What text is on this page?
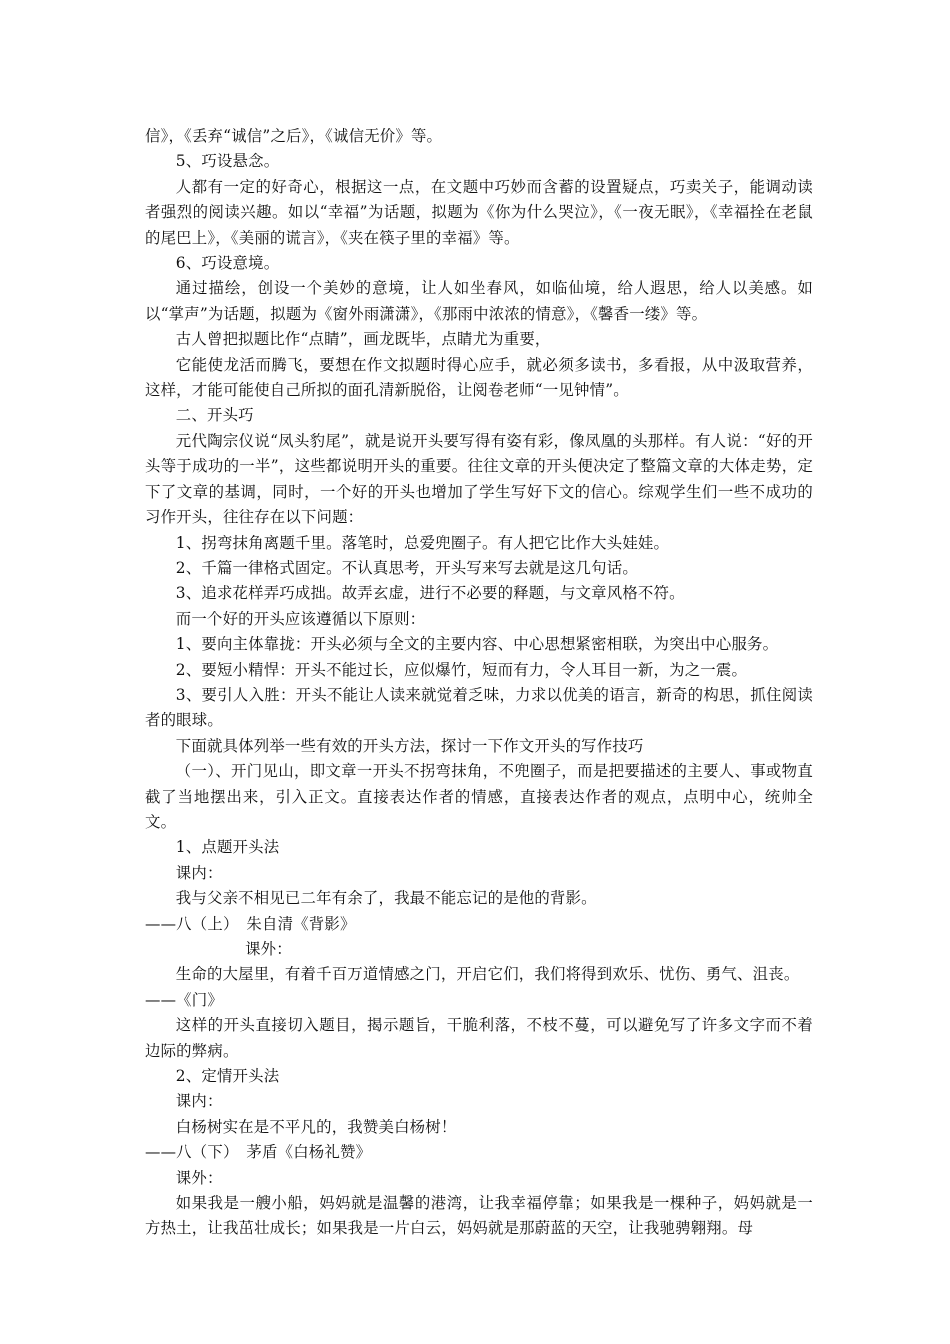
信》，《丢弃“诚信”之后》，《诚信无价》等。

5、巧设悬念。

人都有一定的好奇心，根据这一点，在文题中巧妙而含蓄的设置疑点，巧卖关子，能调动读者强烈的阅读兴趣。如以“幸福”为话题，拟题为《你为什么哭泣》，《一夜无眠》，《幸福拴在老鼠的尾巴上》，《美丽的谎言》，《夹在筷子里的幸福》等。

6、巧设意境。

通过描绘，创设一个美妙的意境，让人如坐春风，如临仙境，给人遐思，给人以美感。如以“掌声”为话题，拟题为《窗外雨潇潇》，《那雨中浓浓的情意》，《馨香一缕》等。

古人曾把拟题比作“点睛”，画龙既毕，点睛尤为重要，

它能使龙活而腾飞，要想在作文拟题时得心应手，就必须多读书，多看报，从中汲取营养，这样，才能可能使自己所拟的面孔清新脱俗，让阅卷老师“一见钟情”。

二、开头巧

元代陶宗仪说“凤头豹尾”，就是说开头要写得有姿有彩，像凤凰的头那样。有人说：“好的开头等于成功的一半”，这些都说明开头的重要。往往文章的开头便决定了整篇文章的大体走势，定下了文章的基调，同时，一个好的开头也增加了学生写好下文的信心。综观学生们一些不成功的习作开头，往往存在以下问题：

1、拐弯抹角离题千里。落笔时，总爱兜圈子。有人把它比作大头娃娃。

2、千篇一律格式固定。不认真思考，开头写来写去就是这几句话。

3、追求花样弄巧成拙。故弄玄虚，进行不必要的释题，与文章风格不符。

而一个好的开头应该遵循以下原则：

1、要向主体靠拢：开头必须与全文的主要内容、中心思想紧密相联，为突出中心服务。

2、要短小精悍：开头不能过长，应似爆竹，短而有力，令人耳目一新，为之一震。

3、要引人入胜：开头不能让人读来就觉着乏味，力求以优美的语言，新奇的构思，抓住阅读者的眼球。

下面就具体列举一些有效的开头方法，探讨一下作文开头的写作技巧

（一）、开门见山，即文章一开头不拐弯抹角，不兜圈子，而是把要描述的主要人、事或物直截了当地摆出来，引入正文。直接表达作者的情感，直接表达作者的观点，点明中心，统帅全文。

1、点题开头法

课内：

我与父亲不相见已二年有余了，我最不能忘记的是他的背影。

——八（上）　朱自清《背影》

课外：

生命的大屋里，有着千百万道情感之门，开启它们，我们将得到欢乐、忧伤、勇气、沮丧。

——《门》

这样的开头直接切入题目，揭示题旨，干脆利落，不枝不蔓，可以避免写了许多文字而不着边际的弊病。

2、定情开头法

课内：

白杨树实在是不平凡的，我赞美白杨树！

——八（下）　茅盾《白杨礼赞》

课外：

如果我是一艘小船，妈妈就是温馨的港湾，让我幸福停靠；如果我是一棵种子，妈妈就是一方热土，让我茁壮成长；如果我是一片白云，妈妈就是那蔚蓝的天空，让我驰骋翱翔。母
